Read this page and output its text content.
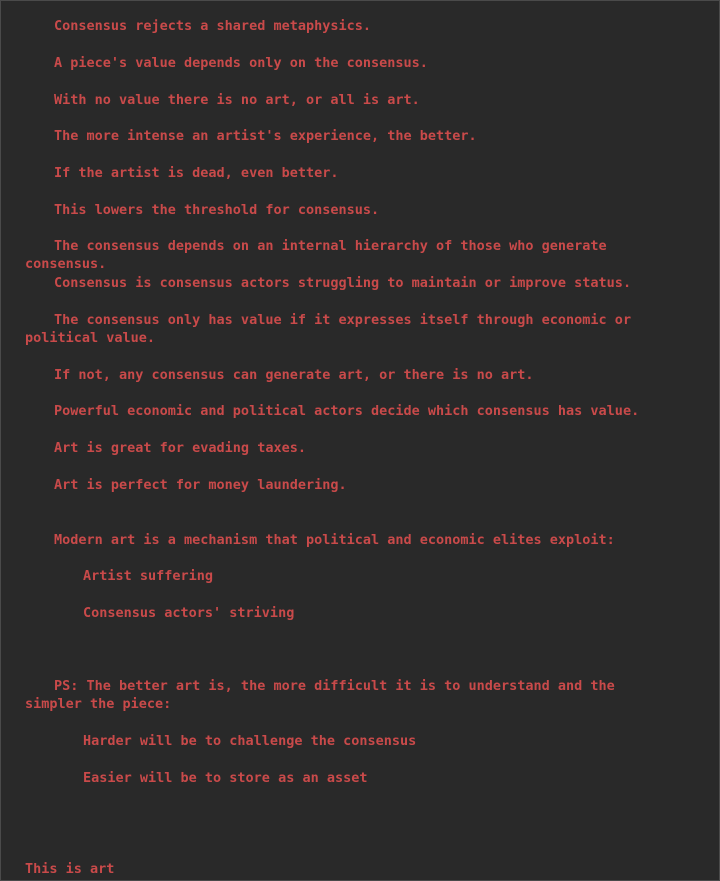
Consensus rejects a shared metaphysics.
A piece's value depends only on the consensus.
With no value there is no art, or all is art.
The more intense an artist's experience, the better.
If the artist is dead, even better.
This lowers the threshold for consensus.
The consensus depends on an internal hierarchy of those who generate consensus.
Consensus is consensus actors struggling to maintain or improve status.
The consensus only has value if it expresses itself through economic or political value.
If not, any consensus can generate art, or there is no art.
Powerful economic and political actors decide which consensus has value.
Art is great for evading taxes.
Art is perfect for money laundering.
Modern art is a mechanism that political and economic elites exploit:
Artist suffering
Consensus actors' striving
PS: The better art is, the more difficult it is to understand and the simpler the piece:
Harder will be to challenge the consensus
Easier will be to store as an asset
This is art
